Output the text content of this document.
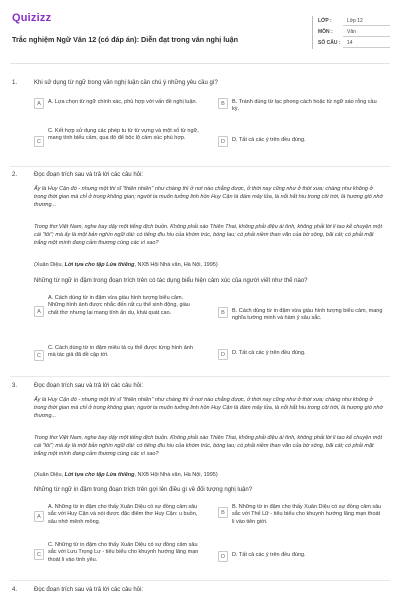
Quizizz
Trắc nghiệm Ngữ Văn 12 (có đáp án): Diễn đạt trong văn nghị luận
LỚP :	Lớp 12
MÔN :	Văn
SỐ CÂU : 14
1.	Khi sử dụng từ ngữ trong văn nghị luận cần chú ý những yêu cầu gì?
A	A. Lựa chọn từ ngữ chính xác, phù hợp với vấn đề nghị luận.	B	B. Tránh dùng từ lạc phong cách hoặc từ ngữ sáo rỗng cầu kỳ.
C
C. Kết hợp sử dụng các phép tu từ từ vựng và một số từ ngữ, mang tính biểu cảm, qua đó để bộc lộ cảm xúc phù hợp.
D	D. Tất cả các ý trên đều đúng.
2.	Đọc đoạn trích sau và trả lời các câu hỏi:
Ấy là Huy Cận đó - nhưng một thi sĩ "thiên nhiên" như chàng thì ở nơi nào chẳng được, ở thời nay cũng như ở thời xưa; chàng như không ở trong thời gian mà chỉ ở trong không gian; người ta muốn tưởng linh hồn Huy Cận là đám mây lửa, là nỗi hắt hiu trong cõi trời, là hương gió nhớ thương...
Trong thơ Việt Nam, nghe bay dậy một tiếng địch buồn. Không phải sáo Thiên Thai, không phải điệu ái tình, không phải lời li tao kể chuyện một cái "tôi"; mà ấy là một bản nghìn ngũi dài: có tiếng đìu hiu của khóm trúc, bóng lau; có phải niềm than vãn của bờ sông, bãi cát; có phải mặt trắng một mình đang cảm thương cùng các vì sao?
(Xuân Diệu, Lời tựa cho tập Lửa thiêng, NXB Hội Nhà văn, Hà Nội, 1995)
Những từ ngữ in đậm trong đoạn trích trên có tác dụng biểu hiện cảm xúc của người viết như thế nào?
A
A. Cách dùng từ in đậm vừa giàu hình tượng biểu cảm. Những hình ảnh được nhắc đến rất cụ thể sinh động, giàu chất thơ nhưng lại mang tính ẩn dụ, khái quát cao.	B	B. Cách dùng từ in đậm vừa giàu hình tượng biểu cảm, mang nghĩa tường minh và hàm ý sâu sắc.
C
C. Cách dùng từ in đậm miêu tả cụ thể được từng hình ảnh mà tác giả đã đề cập tới.	D	D. Tất cả các ý trên đều đúng.
3.	Đọc đoạn trích sau và trả lời các câu hỏi:
Ấy là Huy Cận đó - nhưng một thi sĩ "thiên nhiên" như chàng thì ở nơi nào chẳng được, ở thời nay cũng như ở thời xưa; chàng như không ở trong thời gian mà chỉ ở trong không gian; người ta muốn tưởng linh hồn Huy Cận là đám mây lửa, là nỗi hắt hiu trong cõi trời, là hương gió nhớ thương...
Trong thơ Việt Nam, nghe bay dậy một tiếng địch buồn. Không phải sáo Thiên Thai, không phải điệu ái tình, không phải lời li tao kể chuyện một cái "tôi"; mà ấy là một bản nghìn ngũi dài: có tiếng đìu hiu của khóm trúc, bóng lau; có phải niềm than vãn của bờ sông, bãi cát; có phải mặt trắng một mình đang cảm thương cùng các vì sao?
(Xuân Diệu, Lời tựa cho tập Lửa thiêng, NXB Hội Nhà văn, Hà Nội, 1995)
Những từ ngữ in đậm trong đoạn trích trên gợi lên điều gì về đối tượng nghị luận?
A
A. Những từ in đậm cho thấy Xuân Diệu có sự đồng cảm sâu sắc với Huy Cận và nói được đặc điểm thơ Huy Cận: u buồn, sâu nhớ mênh mông.
B
B. Những từ in đậm cho thấy Xuân Diệu có sự đồng cảm sâu sắc với Thế Lữ - tiêu biểu cho khuynh hướng lãng mạn thoát li vào tiên giới.
C
C. Những từ in đậm cho thấy Xuân Diệu có sự đồng cảm sâu sắc với Lưu Trọng Lư - tiêu biểu cho khuynh hướng lãng mạn thoát li vào tình yêu.	D	D. Tất cả các ý trên đều đúng.
4.	Đọc đoạn trích sau và trả lời các câu hỏi:
